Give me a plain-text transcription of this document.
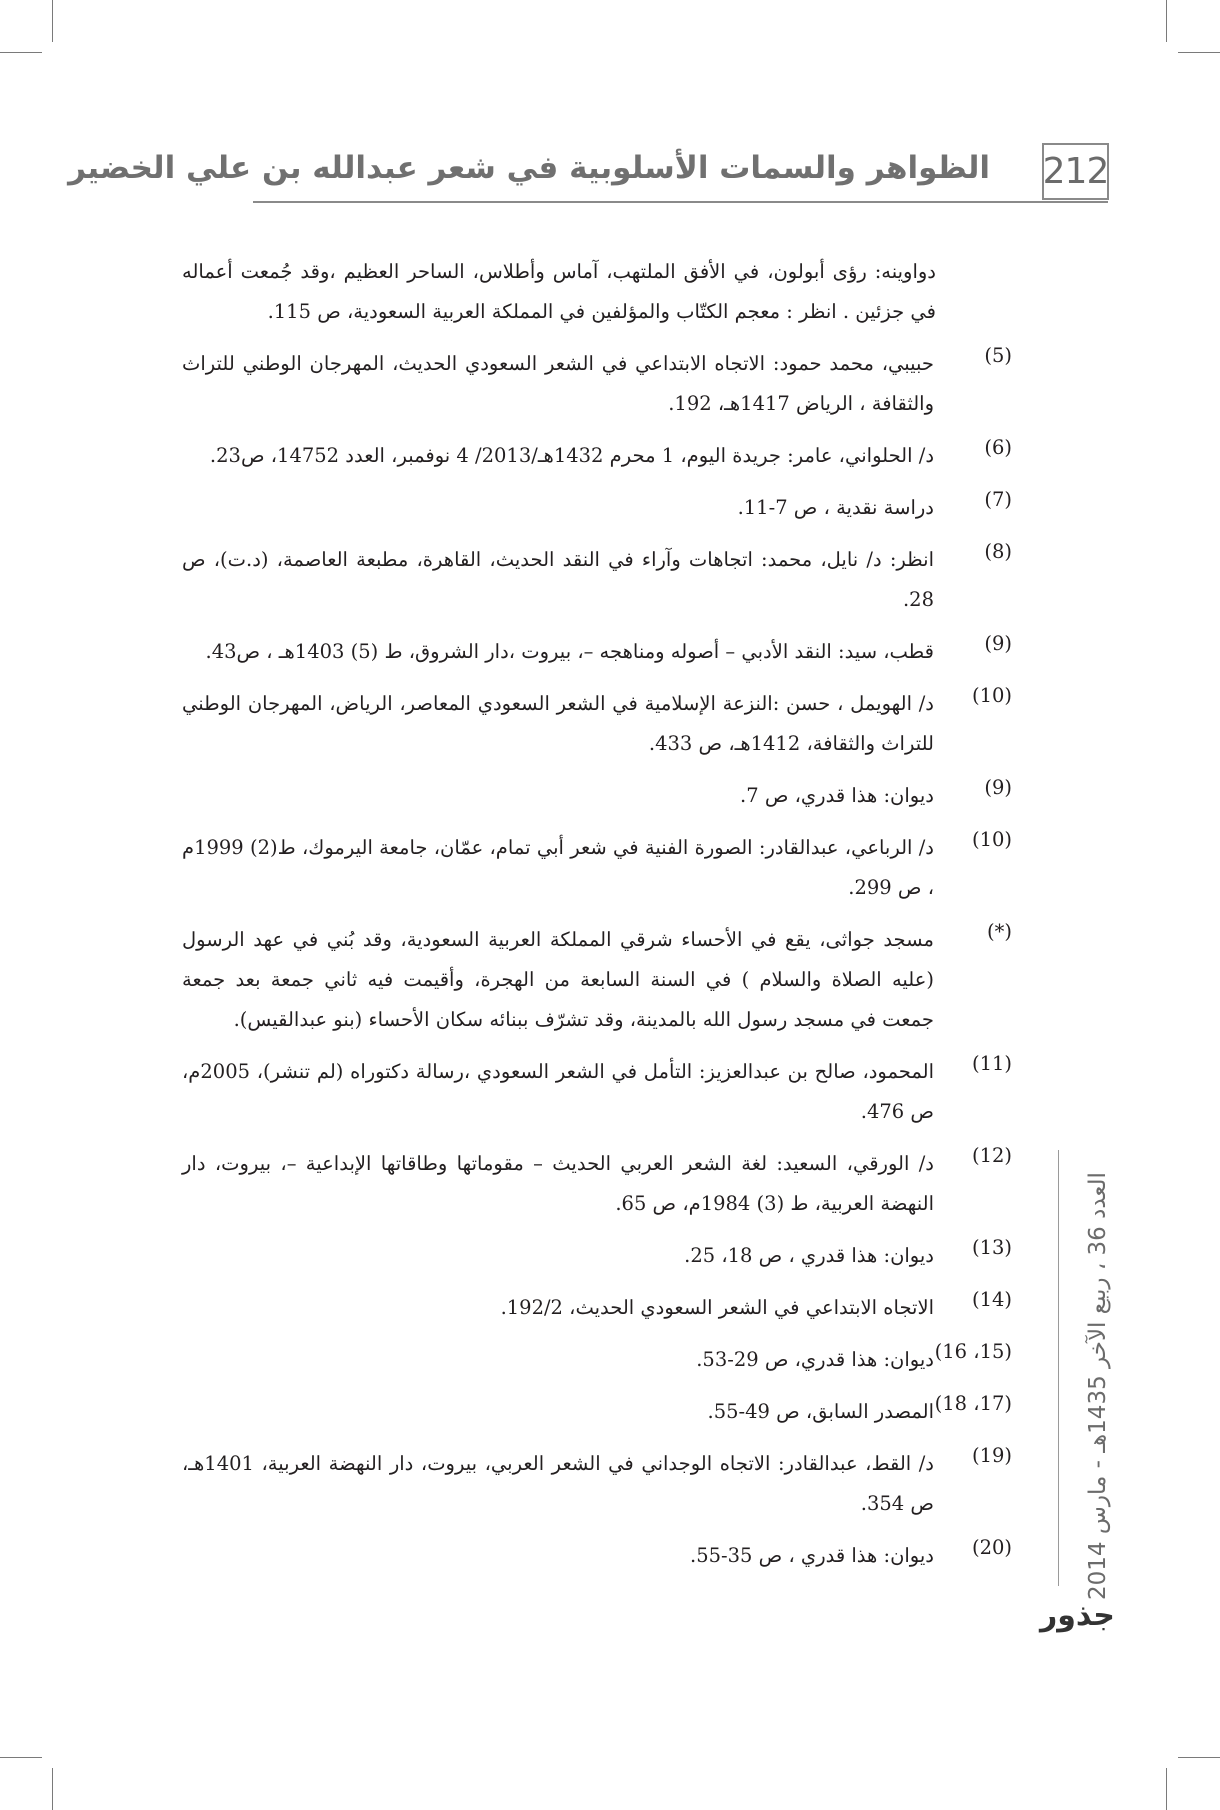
212
الظواهر والسمات الأسلوبية في شعر عبدالله بن علي الخضير
دواوينه: رؤى أبولون، في الأفق الملتهب، آماس وأطلاس، الساحر العظيم ،وقد جُمعت أعماله في جزئين . انظر : معجم الكتّاب والمؤلفين في المملكة العربية السعودية، ص 115.
(5)
حبيبي، محمد حمود: الاتجاه الابتداعي في الشعر السعودي الحديث، المهرجان الوطني للتراث والثقافة ، الرياض 1417هـ، 192.
(6)
د/ الحلواني، عامر: جريدة اليوم، 1 محرم 1432هـ/2013/ 4 نوفمبر، العدد 14752، ص23.
(7)
دراسة نقدية ، ص 7-11.
(8)
انظر: د/ نايل، محمد: اتجاهات وآراء في النقد الحديث، القاهرة، مطبعة العاصمة، (د.ت)، ص 28.
(9)
قطب، سيد: النقد الأدبي – أصوله ومناهجه –، بيروت ،دار الشروق، ط (5) 1403هـ ، ص43.
(10)
د/ الهويمل ، حسن :النزعة الإسلامية في الشعر السعودي المعاصر، الرياض، المهرجان الوطني للتراث والثقافة، 1412هـ، ص 433.
(9)
ديوان: هذا قدري، ص 7.
(10)
د/ الرباعي، عبدالقادر: الصورة الفنية في شعر أبي تمام، عمّان، جامعة اليرموك، ط(2) 1999م ، ص 299.
(*)
مسجد جواثى، يقع في الأحساء شرقي المملكة العربية السعودية، وقد بُني في عهد الرسول (عليه الصلاة والسلام ) في السنة السابعة من الهجرة، وأقيمت فيه ثاني جمعة بعد جمعة جمعت في مسجد رسول الله بالمدينة، وقد تشرّف ببنائه سكان الأحساء (بنو عبدالقيس).
(11)
المحمود، صالح بن عبدالعزيز: التأمل في الشعر السعودي ،رسالة دكتوراه (لم تنشر)، 2005م، ص 476.
(12)
د/ الورقي، السعيد: لغة الشعر العربي الحديث – مقوماتها وطاقاتها الإبداعية –، بيروت، دار النهضة العربية، ط (3) 1984م، ص 65.
(13)
ديوان: هذا قدري ، ص 18، 25.
(14)
الاتجاه الابتداعي في الشعر السعودي الحديث، 192/2.
(15، 16)
ديوان: هذا قدري، ص 29-53.
(17، 18)
المصدر السابق، ص 49-55.
(19)
د/ القط، عبدالقادر: الاتجاه الوجداني في الشعر العربي، بيروت، دار النهضة العربية، 1401هـ، ص 354.
(20)
ديوان: هذا قدري ، ص 35-55.	العدد 36 ، ربيع الآخر 1435هـ - مارس 2014
جذور
